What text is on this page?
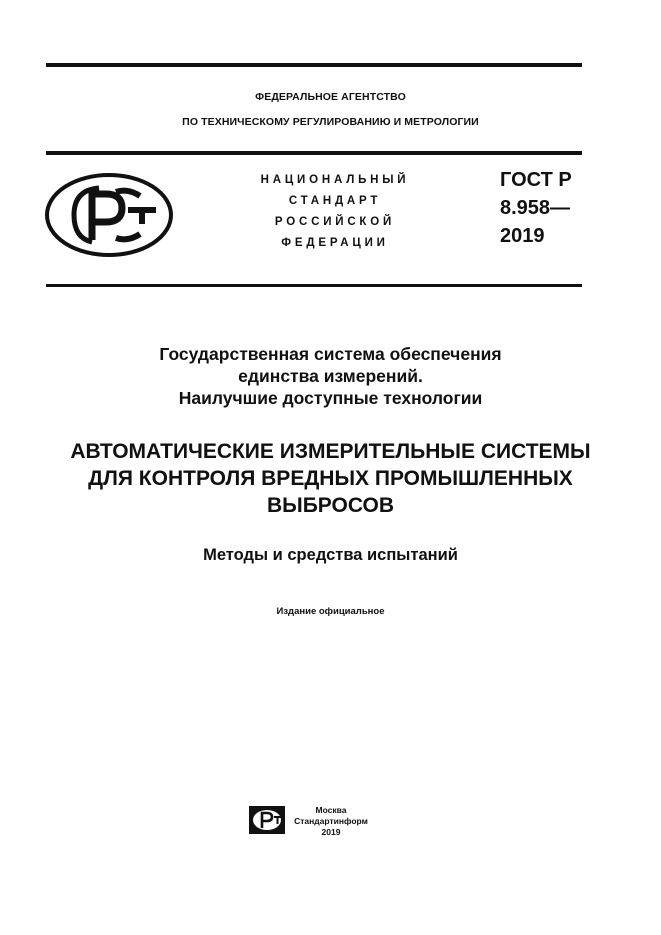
ФЕДЕРАЛЬНОЕ АГЕНТСТВО
ПО ТЕХНИЧЕСКОМУ РЕГУЛИРОВАНИЮ И МЕТРОЛОГИИ
НАЦИОНАЛЬНЫЙ
СТАНДАРТ
РОССИЙСКОЙ
ФЕДЕРАЦИИ
ГОСТ Р
8.958—
2019
Государственная система обеспечения
единства измерений.
Наилучшие доступные технологии
АВТОМАТИЧЕСКИЕ ИЗМЕРИТЕЛЬНЫЕ СИСТЕМЫ
ДЛЯ КОНТРОЛЯ ВРЕДНЫХ ПРОМЫШЛЕННЫХ
ВЫБРОСОВ
Методы и средства испытаний
Издание официальное
Москва
Стандартинформ
2019
